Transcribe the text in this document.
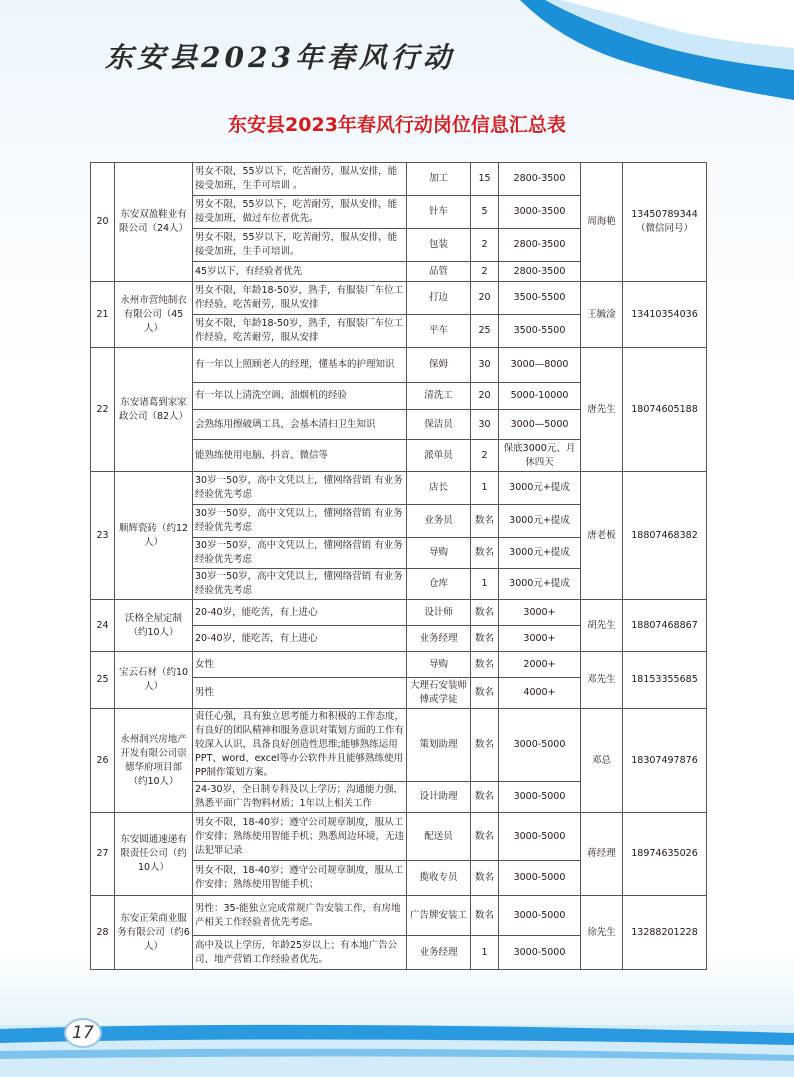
东安县2023年春风行动
东安县2023年春风行动岗位信息汇总表
20	东安双盈鞋业有限公司（24人）	男女不限，55岁以下，吃苦耐劳，服从安排，能接受加班，生手可培训 。	加工	15	2800-3500	周海艳	13450789344（微信同号）
		男女不限，55岁以下，吃苦耐劳，服从安排，能接受加班，做过车位者优先。	针车	5	3000-3500		
		男女不限，55岁以下，吃苦耐劳，服从安排，能接受加班，生手可培训。	包装	2	2800-3500		
		45岁以下，有经验者优先	品管	2	2800-3500		
21	永州市营纯制衣有限公司（45人）	男女不限，年龄18-50岁，熟手，有服装厂车位工作经验，吃苦耐劳，服从安排	打边	20	3500-5500	王毓淦	13410354036
		男女不限，年龄18-50岁，熟手，有服装厂车位工作经验，吃苦耐劳，服从安排	平车	25	3500-5500		
22	东安诸葛到家家政公司（82人）	有一年以上照顾老人的经理，懂基本的护理知识	保姆	30	3000—8000	唐先生	18074605188
		有一年以上清洗空调、油烟机的经验	清洗工	20	5000-10000		
		会熟练用擦破璃工具，会基本清扫卫生知识	保洁员	30	3000—5000		
		能熟练使用电脑、抖音、微信等	派单员	2	保底3000元、月休四天		
23	顺辉瓷砖（约12人）	30岁一50岁，高中文凭以上，懂网络营销 有业务经验优先考虑	店长	1	3000元+提成	唐老板	18807468382
		30岁一50岁，高中文凭以上，懂网络营销 有业务经验优先考虑	业务员	数名	3000元+提成		
		30岁一50岁，高中文凭以上，懂网络营销 有业务经验优先考虑	导购	数名	3000元+提成		
		30岁一50岁，高中文凭以上，懂网络营销 有业务经验优先考虑	仓库	1	3000元+提成		
24	沃格全屋定制（约10人）	20-40岁，能吃苦，有上进心	设计师	数名	3000+	胡先生	18807468867
		20-40岁，能吃苦，有上进心	业务经理	数名	3000+		
25	宝云石材（约10人）	女性	导购	数名	2000+	邓先生	18153355685
		男性	大理石安装师傅或学徒	数名	4000+		
26	永州润兴房地产开发有限公司崇德华府项目部（约10人）	责任心强，具有独立思考能力和积极的工作态度，有良好的团队精神和服务意识对策划方面的工作有较深入认识，具备良好创造性思维;能够熟练运用PPT、word、excel等办公软件并且能够熟练使用PP制作策划方案。	策划助理	数名	3000-5000	邓总	18307497876
		24-30岁，全日制专科及以上学历；沟通能力强，熟悉平面广告物料材质；1年以上相关工作	设计助理	数名	3000-5000		
27	东安圆通速递有限责任公司（约10人）	男女不限，18-40岁；遵守公司规章制度，服从工作安排；熟练使用智能手机；熟悉周边环境，无违法犯罪记录	配送员	数名	3000-5000	蒋经理	18974635026
		男女不限，18-40岁；遵守公司规章制度，服从工作安排；熟练使用智能手机；	揽收专员	数名	3000-5000		
28	东安正荣商业服务有限公司（约6人）	男性：35-能独立完成常规广告安装工作，有房地产相关工作经验者优先考虑。	广告牌安装工	数名	3000-5000	徐先生	13288201228
		高中及以上学历、年龄25岁以上；有本地广告公司、地产营销工作经验者优先。	业务经理	1	3000-5000		
17
